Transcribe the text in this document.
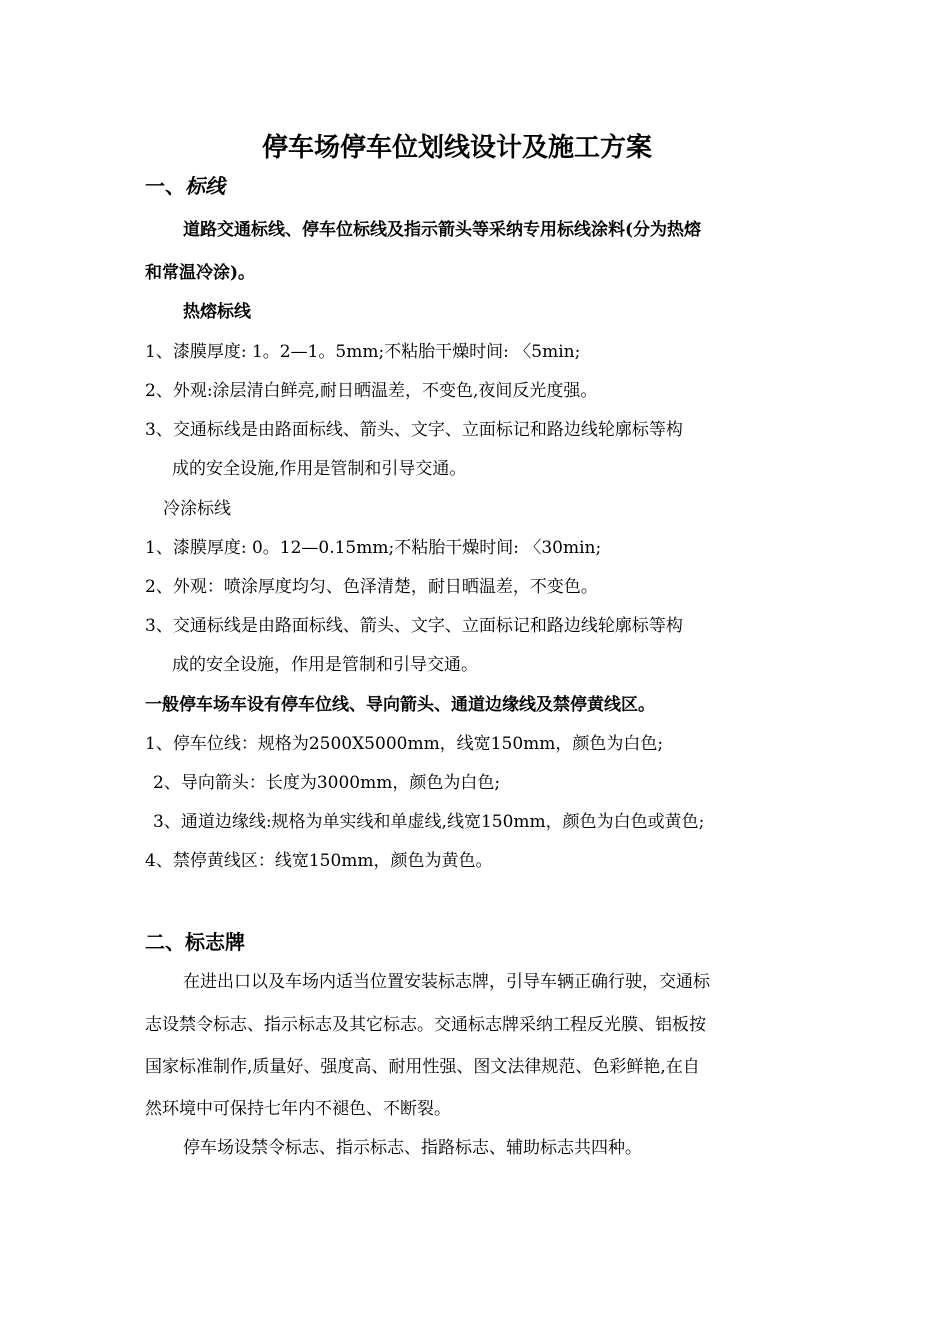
停车场停车位划线设计及施工方案
一、标线
道路交通标线、停车位标线及指示箭头等采纳专用标线涂料(分为热熔
和常温冷涂)。
热熔标线
1、漆膜厚度: 1。2—1。5mm;不粘胎干燥时间: 〈5min;
2、外观:涂层清白鲜亮,耐日晒温差，不变色,夜间反光度强。
3、交通标线是由路面标线、箭头、文字、立面标记和路边线轮廓标等构
成的安全设施,作用是管制和引导交通。
冷涂标线
1、漆膜厚度: 0。12—0.15mm;不粘胎干燥时间: 〈30min;
2、外观：喷涂厚度均匀、色泽清楚，耐日晒温差，不变色。
3、交通标线是由路面标线、箭头、文字、立面标记和路边线轮廓标等构
成的安全设施，作用是管制和引导交通。
一般停车场车设有停车位线、导向箭头、通道边缘线及禁停黄线区。
1、停车位线：规格为2500X5000mm，线宽150mm，颜色为白色;
2、导向箭头：长度为3000mm，颜色为白色;
3、通道边缘线:规格为单实线和单虚线,线宽150mm，颜色为白色或黄色;
4、禁停黄线区：线宽150mm，颜色为黄色。
二、标志牌
在进出口以及车场内适当位置安装标志牌，引导车辆正确行驶，交通标
志设禁令标志、指示标志及其它标志。交通标志牌采纳工程反光膜、铝板按
国家标准制作,质量好、强度高、耐用性强、图文法律规范、色彩鲜艳,在自
然环境中可保持七年内不褪色、不断裂。
停车场设禁令标志、指示标志、指路标志、辅助标志共四种。
